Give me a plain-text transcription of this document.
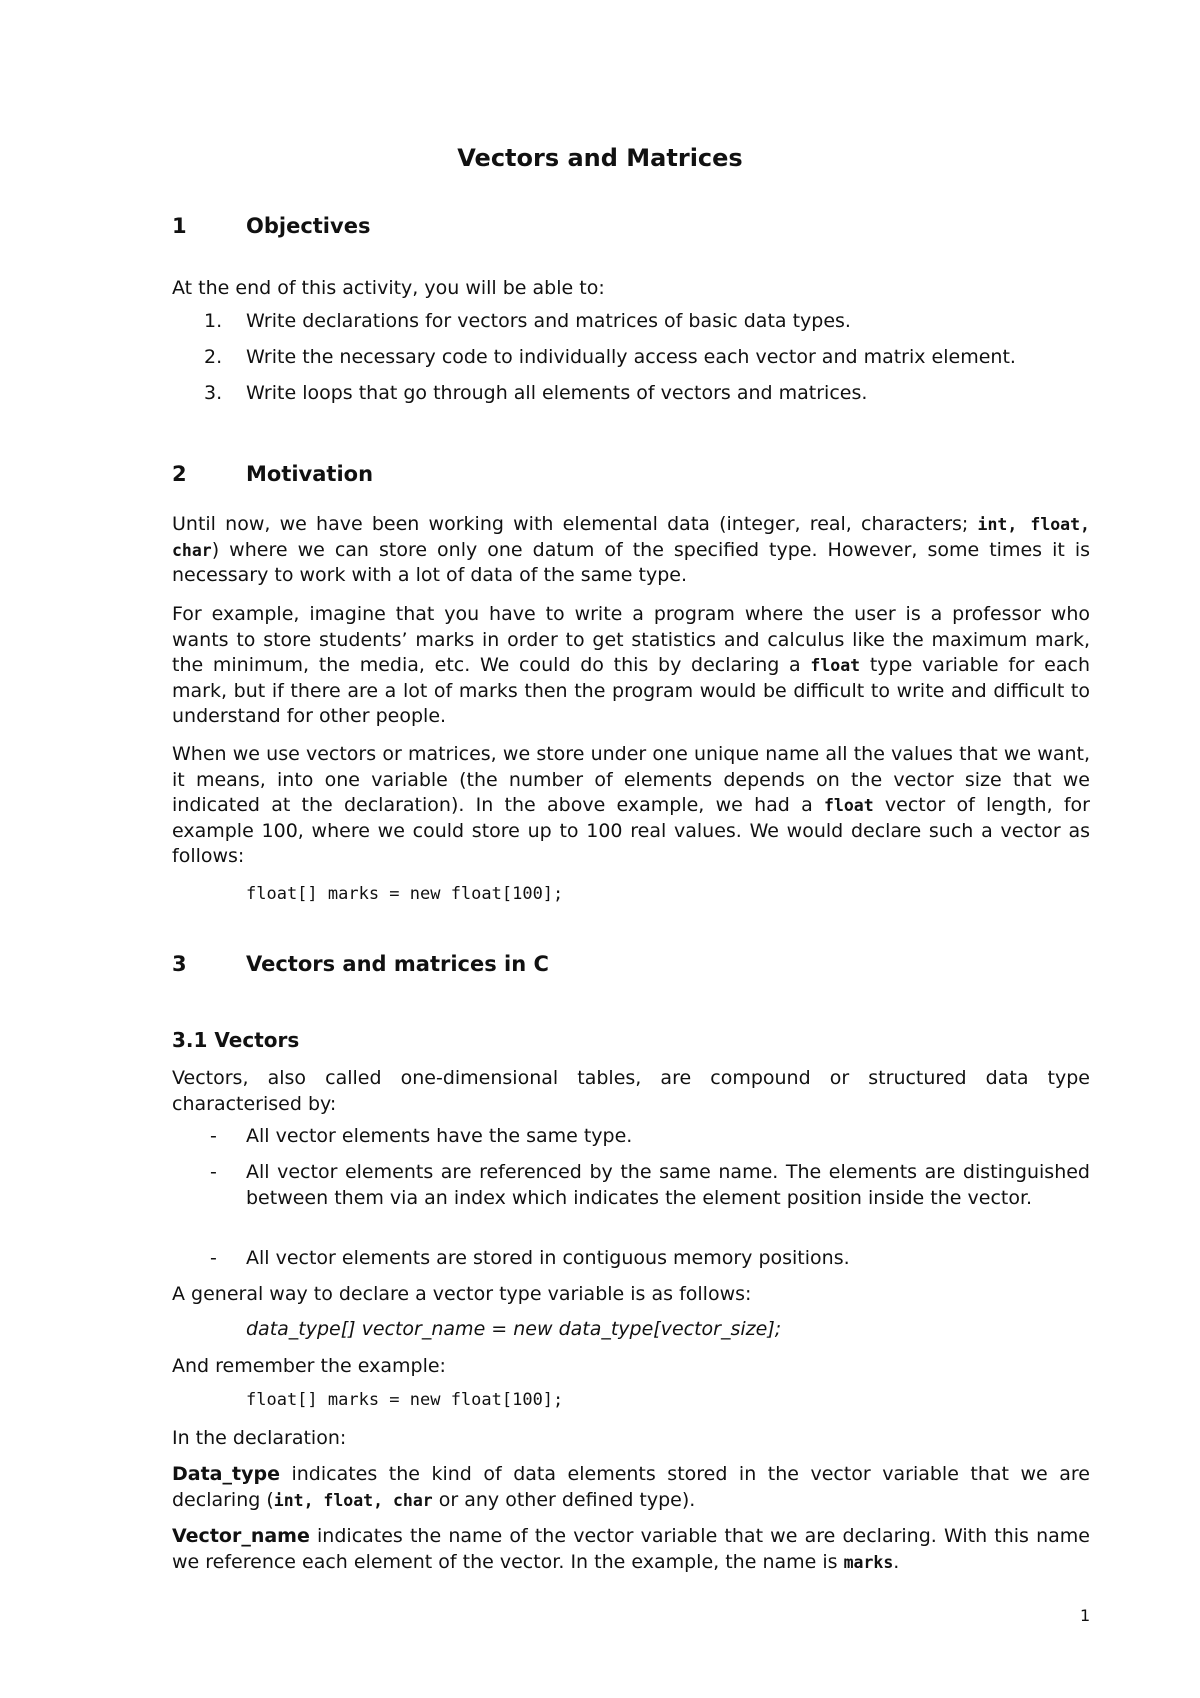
Vectors and Matrices
1	Objectives

At the end of this activity, you will be able to:

1. Write declarations for vectors and matrices of basic data types.

2. Write the necessary code to individually access each vector and matrix element.

3. Write loops that go through all elements of vectors and matrices.

2	Motivation

Until now, we have been working with elemental data (integer, real, characters; int, float, char) where we can store only one datum of the specified type. However, some times it is necessary to work with a lot of data of the same type.

For example, imagine that you have to write a program where the user is a professor who wants to store students’ marks in order to get statistics and calculus like the maximum mark, the minimum, the media, etc. We could do this by declaring a float type variable for each mark, but if there are a lot of marks then the program would be difficult to write and difficult to understand for other people.

When we use vectors or matrices, we store under one unique name all the values that we want, it means, into one variable (the number of elements depends on the vector size that we indicated at the declaration). In the above example, we had a float vector of length, for example 100, where we could store up to 100 real values. We would declare such a vector as follows:

float[] marks = new float[100];

3	Vectors and matrices in C
3.1 Vectors

Vectors, also called one-dimensional tables, are compound or structured data type characterised by:

- All vector elements have the same type.
- All vector elements are referenced by the same name. The elements are distinguished between them via an index which indicates the element position inside the vector.
- All vector elements are stored in contiguous memory positions.

A general way to declare a vector type variable is as follows:

data_type[] vector_name = new data_type[vector_size];

And remember the example:

float[] marks = new float[100];

In the declaration:

Data_type indicates the kind of data elements stored in the vector variable that we are declaring (int, float, char or any other defined type).

Vector_name indicates the name of the vector variable that we are declaring. With this name we reference each element of the vector. In the example, the name is marks.

1
